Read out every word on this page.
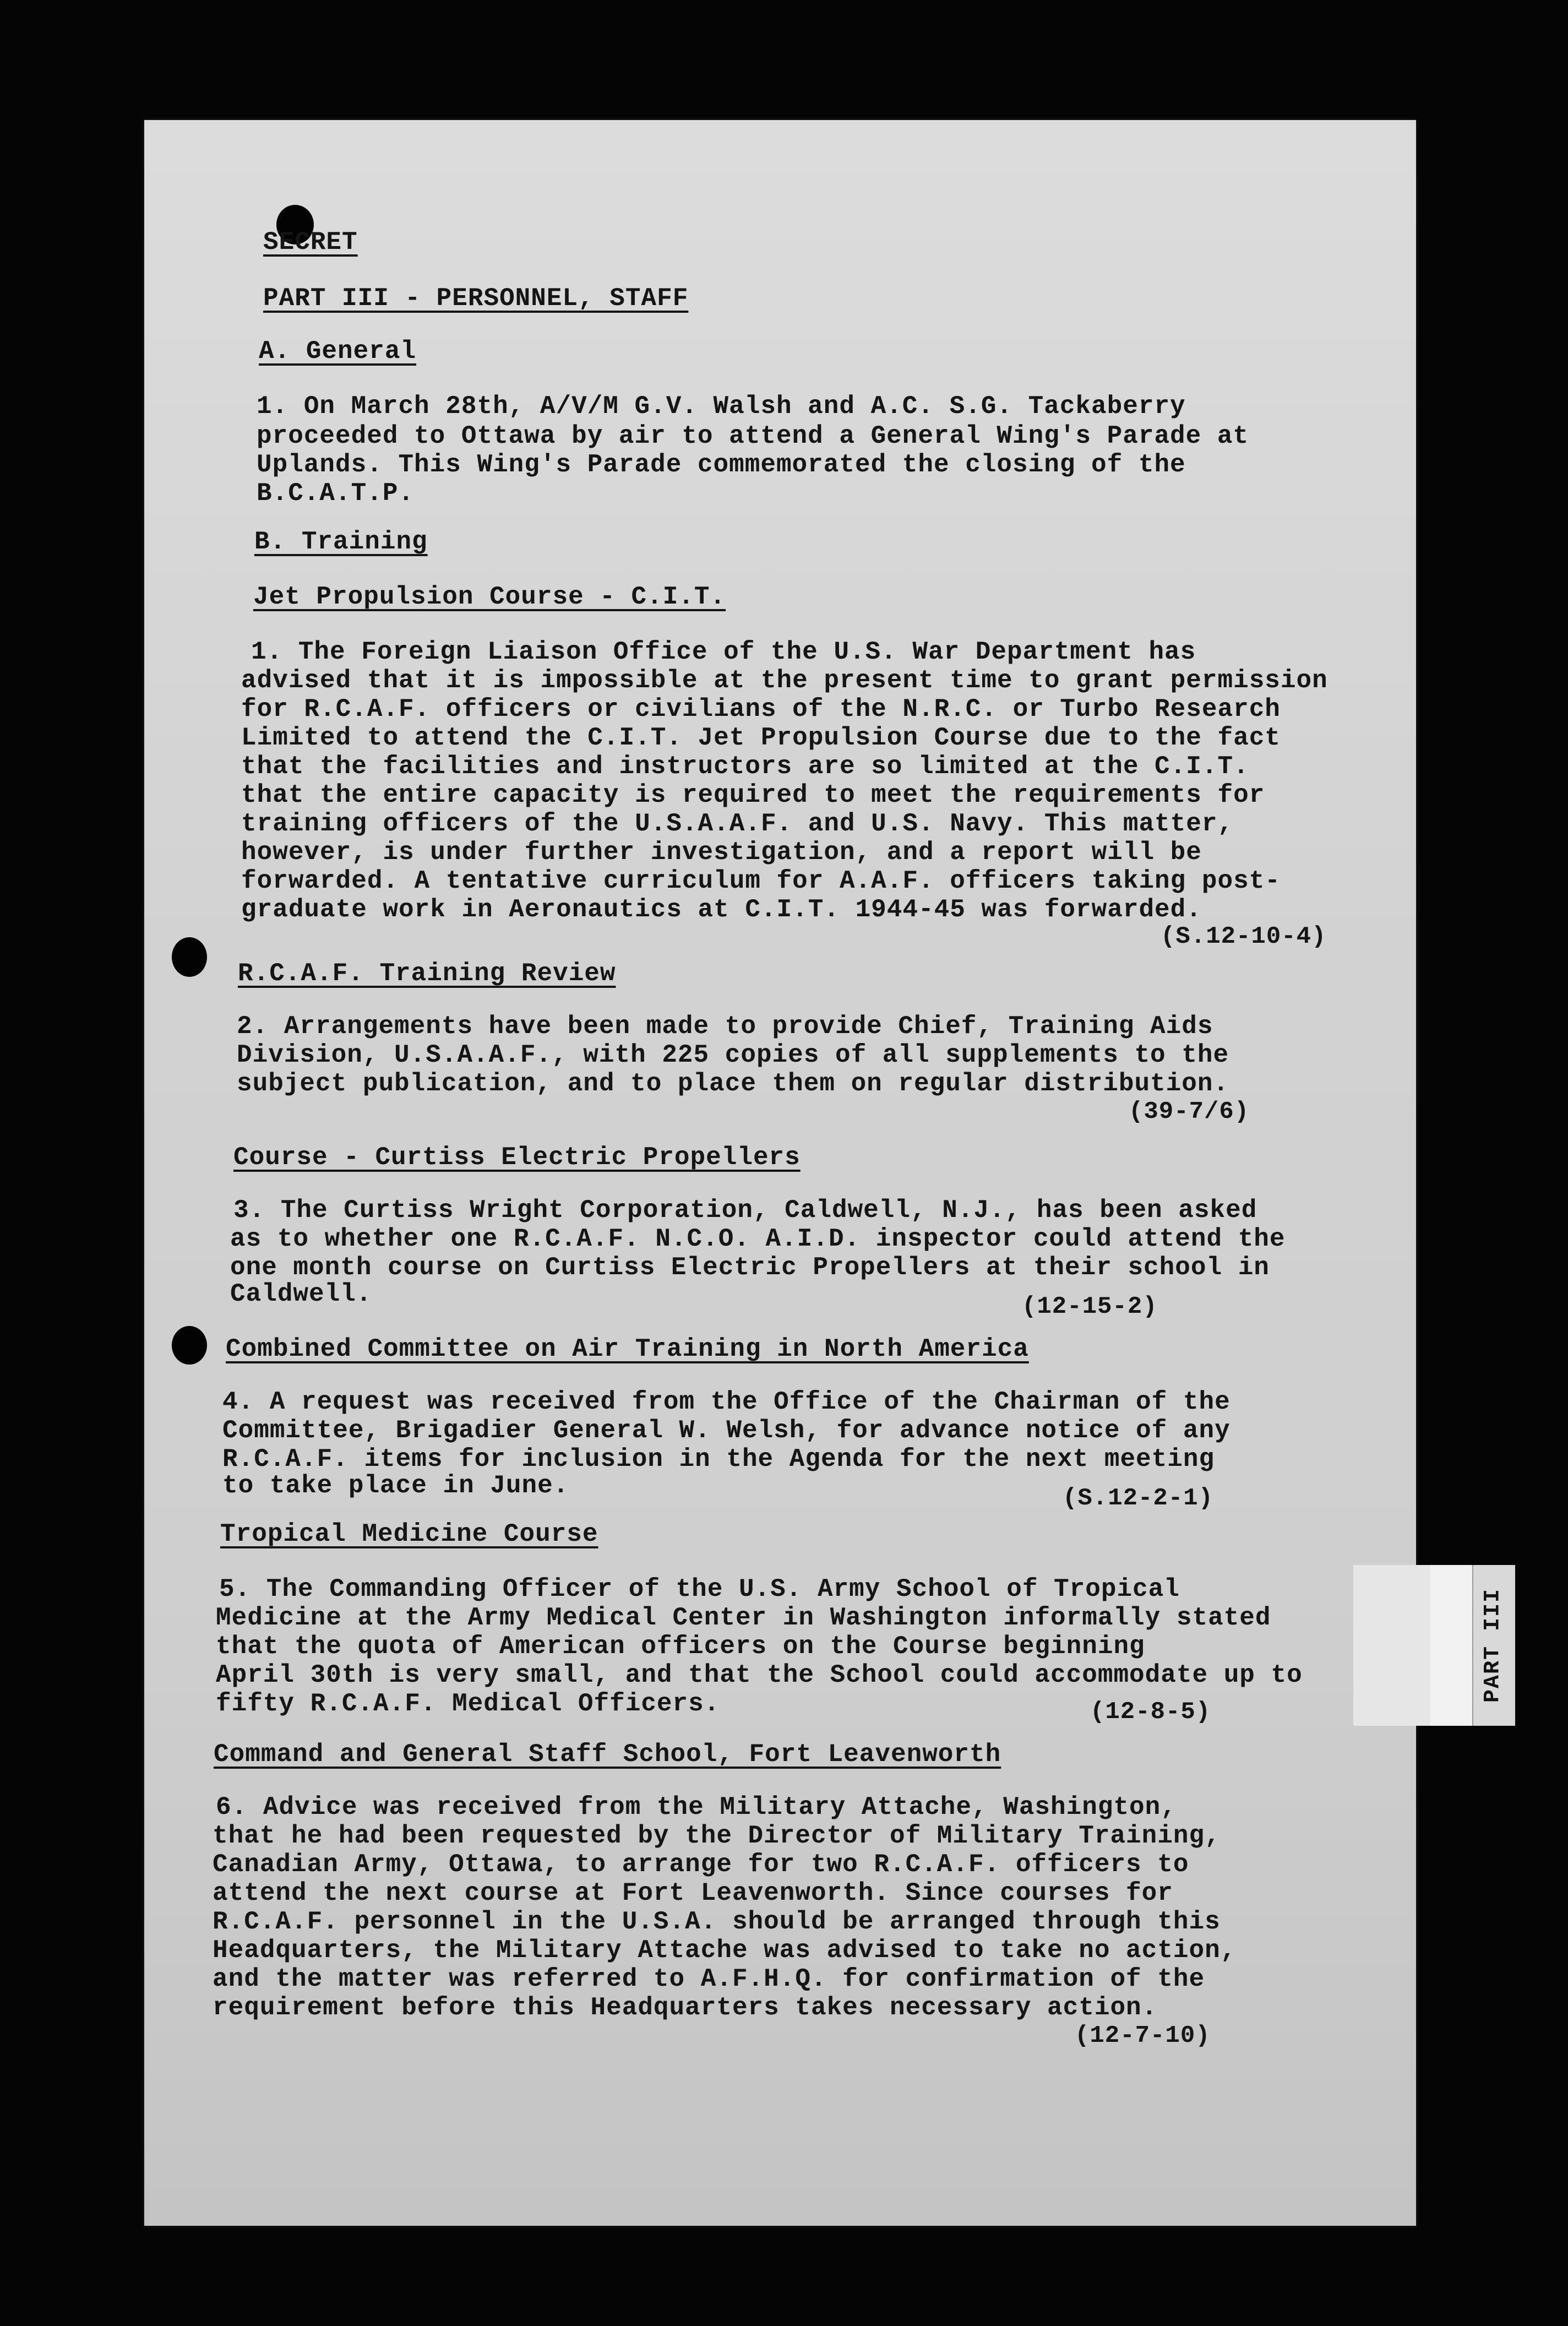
PART III
SECRET
PART III - PERSONNEL, STAFF
A. General
1. On March 28th, A/V/M G.V. Walsh and A.C. S.G. Tackaberry
proceeded to Ottawa by air to attend a General Wing's Parade at
Uplands. This Wing's Parade commemorated the closing of the
B.C.A.T.P.
B. Training
Jet Propulsion Course - C.I.T.
1. The Foreign Liaison Office of the U.S. War Department has
advised that it is impossible at the present time to grant permission
for R.C.A.F. officers or civilians of the N.R.C. or Turbo Research
Limited to attend the C.I.T. Jet Propulsion Course due to the fact
that the facilities and instructors are so limited at the C.I.T.
that the entire capacity is required to meet the requirements for
training officers of the U.S.A.A.F. and U.S. Navy. This matter,
however, is under further investigation, and a report will be
forwarded. A tentative curriculum for A.A.F. officers taking post-
graduate work in Aeronautics at C.I.T. 1944-45 was forwarded.
(S.12-10-4)
R.C.A.F. Training Review
2. Arrangements have been made to provide Chief, Training Aids
Division, U.S.A.A.F., with 225 copies of all supplements to the
subject publication, and to place them on regular distribution.
(39-7/6)
Course - Curtiss Electric Propellers
3. The Curtiss Wright Corporation, Caldwell, N.J., has been asked
as to whether one R.C.A.F. N.C.O. A.I.D. inspector could attend the
one month course on Curtiss Electric Propellers at their school in
Caldwell.	(12-15-2)
Combined Committee on Air Training in North America
4. A request was received from the Office of the Chairman of the
Committee, Brigadier General W. Welsh, for advance notice of any
R.C.A.F. items for inclusion in the Agenda for the next meeting
to take place in June.	(S.12-2-1)
Tropical Medicine Course
5. The Commanding Officer of the U.S. Army School of Tropical
Medicine at the Army Medical Center in Washington informally stated
that the quota of American officers on the Course beginning
April 30th is very small, and that the School could accommodate up to
fifty R.C.A.F. Medical Officers.	(12-8-5)
Command and General Staff School, Fort Leavenworth
6. Advice was received from the Military Attache, Washington,
that he had been requested by the Director of Military Training,
Canadian Army, Ottawa, to arrange for two R.C.A.F. officers to
attend the next course at Fort Leavenworth. Since courses for
R.C.A.F. personnel in the U.S.A. should be arranged through this
Headquarters, the Military Attache was advised to take no action,
and the matter was referred to A.F.H.Q. for confirmation of the
requirement before this Headquarters takes necessary action.
(12-7-10)
